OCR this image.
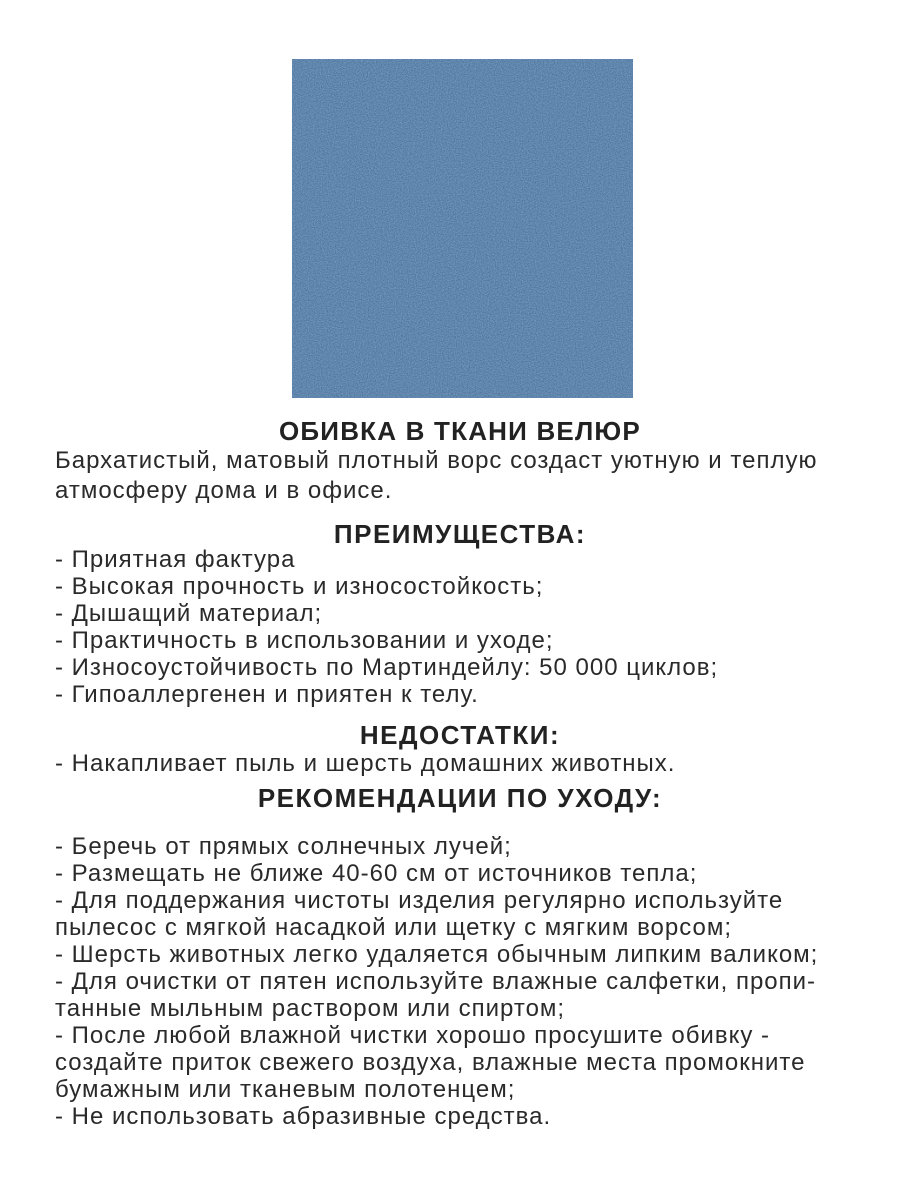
ОБИВКА В ТКАНИ ВЕЛЮР
Бархатистый, матовый плотный ворс создаст уютную и теплую
атмосферу дома и в офисе.
ПРЕИМУЩЕСТВА:
- Приятная фактура
- Высокая прочность и износостойкость;
- Дышащий материал;
- Практичность в использовании и уходе;
- Износоустойчивость по Мартиндейлу: 50 000 циклов;
- Гипоаллергенен и приятен к телу.
НЕДОСТАТКИ:
- Накапливает пыль и шерсть домашних животных.
РЕКОМЕНДАЦИИ ПО УХОДУ:
- Беречь от прямых солнечных лучей;
- Размещать не ближе 40-60 см от источников тепла;
- Для поддержания чистоты изделия регулярно используйте
пылесос с мягкой насадкой или щетку с мягким ворсом;
- Шерсть животных легко удаляется обычным липким валиком;
- Для очистки от пятен используйте влажные салфетки, пропи-
танные мыльным раствором или спиртом;
- После любой влажной чистки хорошо просушите обивку -
создайте приток свежего воздуха, влажные места промокните
бумажным или тканевым полотенцем;
- Не использовать абразивные средства.
